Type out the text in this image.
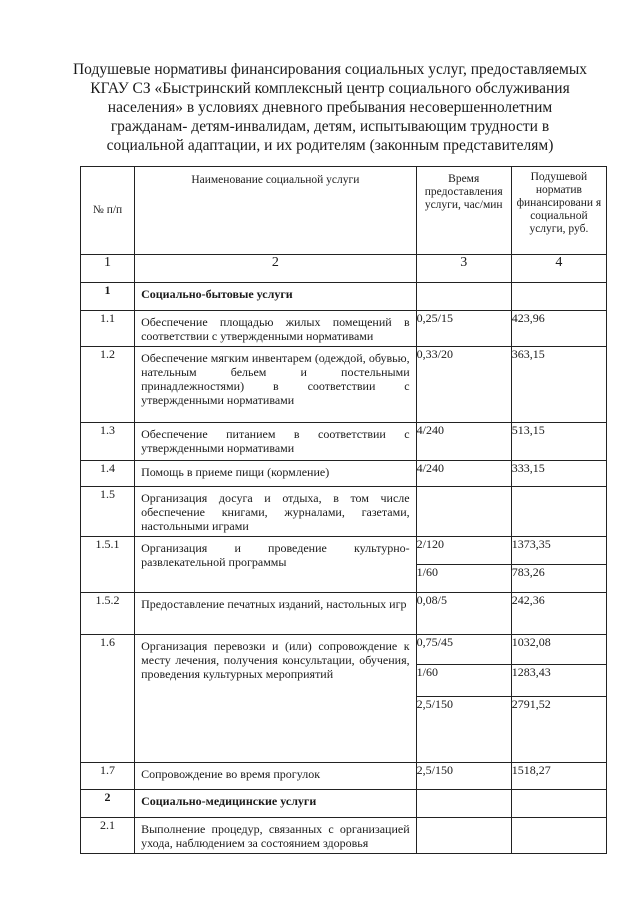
Подушевые нормативы финансирования социальных услуг, предоставляемых
КГАУ СЗ «Быстринский комплексный центр социального обслуживания
населения» в условиях дневного пребывания несовершеннолетним
гражданам- детям-инвалидам, детям, испытывающим трудности в
социальной адаптации, и их родителям (законным представителям)
№ п/п	Наименование социальной услуги	Время предоставления услуги, час/мин	Подушевой норматив финансировани я социальной услуги, руб.
1	2	3	4
1	Социально-бытовые услуги		

1.1	Обеспечение площадью жилых помещений в соответствии с утвержденными нормативами	0,25/15	423,96
1.2	Обеспечение мягким инвентарем (одеждой, обувью, нательным бельем и постельными принадлежностями) в соответствии с утвержденными нормативами	0,33/20	363,15
1.3	Обеспечение питанием в соответствии с утвержденными нормативами	4/240	513,15
1.4	Помощь в приеме пищи (кормление)	4/240	333,15
1.5	Организация досуга и отдыха, в том числе обеспечение книгами, журналами, газетами, настольными играми		

1.5.1	Организация и проведение культурно-развлекательной программы	2/120	1373,35
		1/60	783,26
1.5.2	Предоставление печатных изданий, настольных игр	0,08/5	242,36
1.6	Организация перевозки и (или) сопровождение к месту лечения, получения консультации, обучения, проведения культурных мероприятий	0,75/45	1032,08
		1/60	1283,43
		2,5/150	2791,52
1.7	Сопровождение во время прогулок	2,5/150	1518,27
2	Социально-медицинские услуги		

2.1	Выполнение процедур, связанных с организацией ухода, наблюдением за состоянием здоровья		
